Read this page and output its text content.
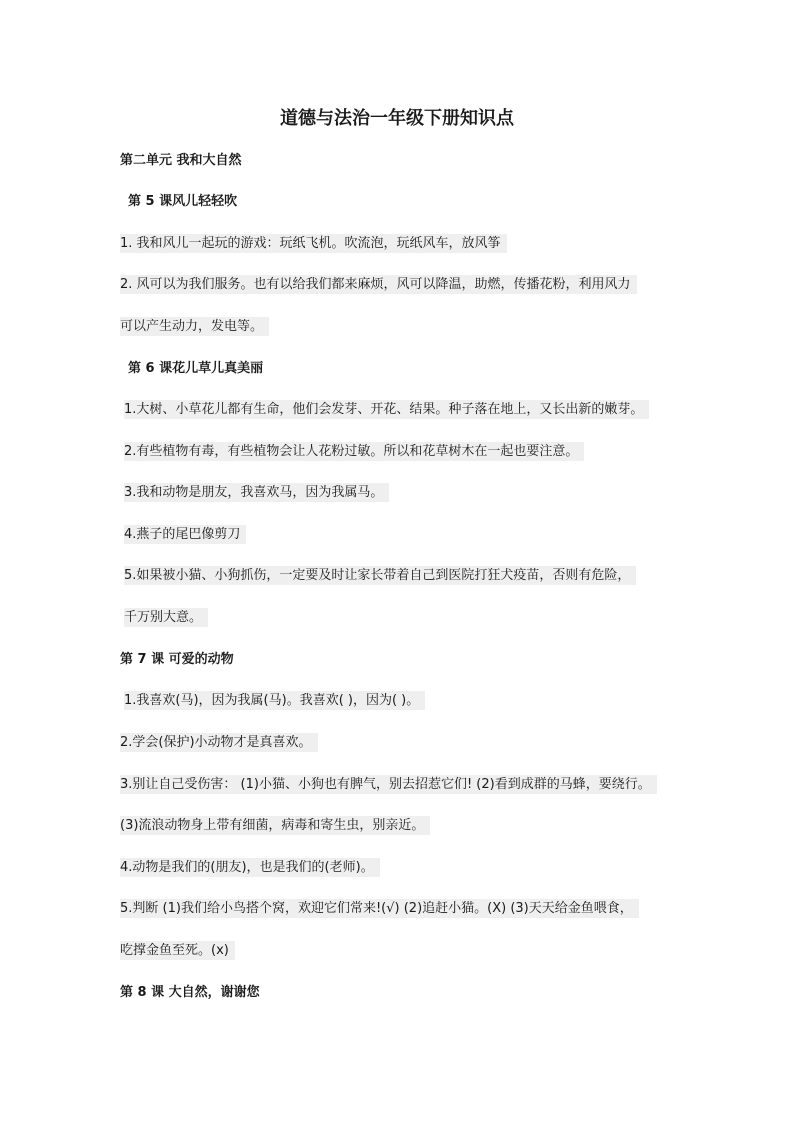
道德与法治一年级下册知识点
第二单元 我和大自然
第 5 课风儿轻轻吹
1. 我和风儿一起玩的游戏：玩纸飞机。吹流泡，玩纸风车，放风筝
2. 风可以为我们服务。也有以给我们都来麻烦，风可以降温，助燃，传播花粉，利用风力
可以产生动力，发电等。
第 6 课花儿草儿真美丽
1.大树、小草花儿都有生命，他们会发芽、开花、结果。种子落在地上，又长出新的嫩芽。
2.有些植物有毒，有些植物会让人花粉过敏。所以和花草树木在一起也要注意。
3.我和动物是朋友，我喜欢马，因为我属马。
4.燕子的尾巴像剪刀
5.如果被小猫、小狗抓伤，一定要及时让家长带着自己到医院打狂犬疫苗，否则有危险，
千万别大意。
第 7 课 可爱的动物
1.我喜欢(马)，因为我属(马)。我喜欢( )，因为( )。
2.学会(保护)小动物才是真喜欢。
3.别让自己受伤害： (1)小猫、小狗也有脾气，别去招惹它们! (2)看到成群的马蜂，要绕行。
(3)流浪动物身上带有细菌，病毒和寄生虫，别亲近。
4.动物是我们的(朋友)，也是我们的(老师)。
5.判断 (1)我们给小鸟搭个窝，欢迎它们常来!(√) (2)追赶小猫。(X) (3)天天给金鱼喂食，
吃撑金鱼至死。(x)
第 8 课 大自然，谢谢您
